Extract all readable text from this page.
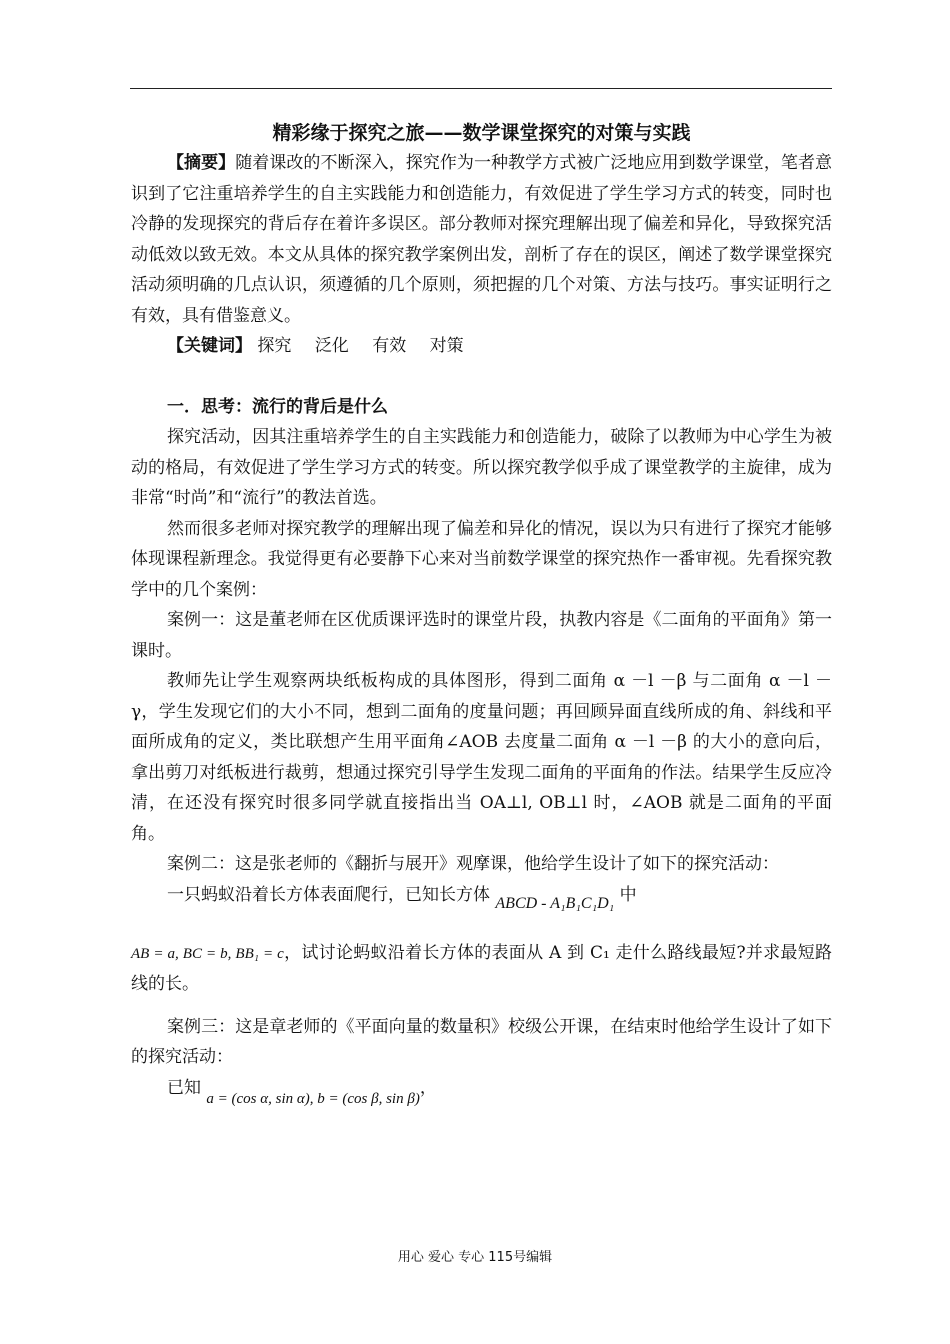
精彩缘于探究之旅——数学课堂探究的对策与实践

【摘要】随着课改的不断深入，探究作为一种教学方式被广泛地应用到数学课堂，笔者意识到了它注重培养学生的自主实践能力和创造能力，有效促进了学生学习方式的转变，同时也冷静的发现探究的背后存在着许多误区。部分教师对探究理解出现了偏差和异化，导致探究活动低效以致无效。本文从具体的探究教学案例出发，剖析了存在的误区，阐述了数学课堂探究活动须明确的几点认识，须遵循的几个原则，须把握的几个对策、方法与技巧。事实证明行之有效，具有借鉴意义。

【关键词】 探究 泛化 有效 对策

一．思考：流行的背后是什么

探究活动，因其注重培养学生的自主实践能力和创造能力，破除了以教师为中心学生为被动的格局，有效促进了学生学习方式的转变。所以探究教学似乎成了课堂教学的主旋律，成为非常“时尚”和“流行”的教法首选。

然而很多老师对探究教学的理解出现了偏差和异化的情况，误以为只有进行了探究才能够体现课程新理念。我觉得更有必要静下心来对当前数学课堂的探究热作一番审视。先看探究教学中的几个案例：

案例一：这是董老师在区优质课评选时的课堂片段，执教内容是《二面角的平面角》第一课时。

教师先让学生观察两块纸板构成的具体图形，得到二面角 α －l －β 与二面角 α －l －γ，学生发现它们的大小不同，想到二面角的度量问题；再回顾异面直线所成的角、斜线和平面所成角的定义，类比联想产生用平面角∠AOB 去度量二面角 α －l －β 的大小的意向后，拿出剪刀对纸板进行裁剪，想通过探究引导学生发现二面角的平面角的作法。结果学生反应冷清，在还没有探究时很多同学就直接指出当 OA⊥l, OB⊥l 时，∠AOB 就是二面角的平面角。

案例二：这是张老师的《翻折与展开》观摩课，他给学生设计了如下的探究活动：

一只蚂蚁沿着长方体表面爬行，已知长方体 ABCD - A₁B₁C₁D₁ 中

AB = a, BC = b, BB₁ = c，试讨论蚂蚁沿着长方体的表面从 A 到 C₁ 走什么路线最短?并求最短路线的长。

案例三：这是章老师的《平面向量的数量积》校级公开课，在结束时他给学生设计了如下的探究活动：

已知 a = (cos α, sin α), b = (cos β, sin β)，

用心 爱心 专心 115号编辑
